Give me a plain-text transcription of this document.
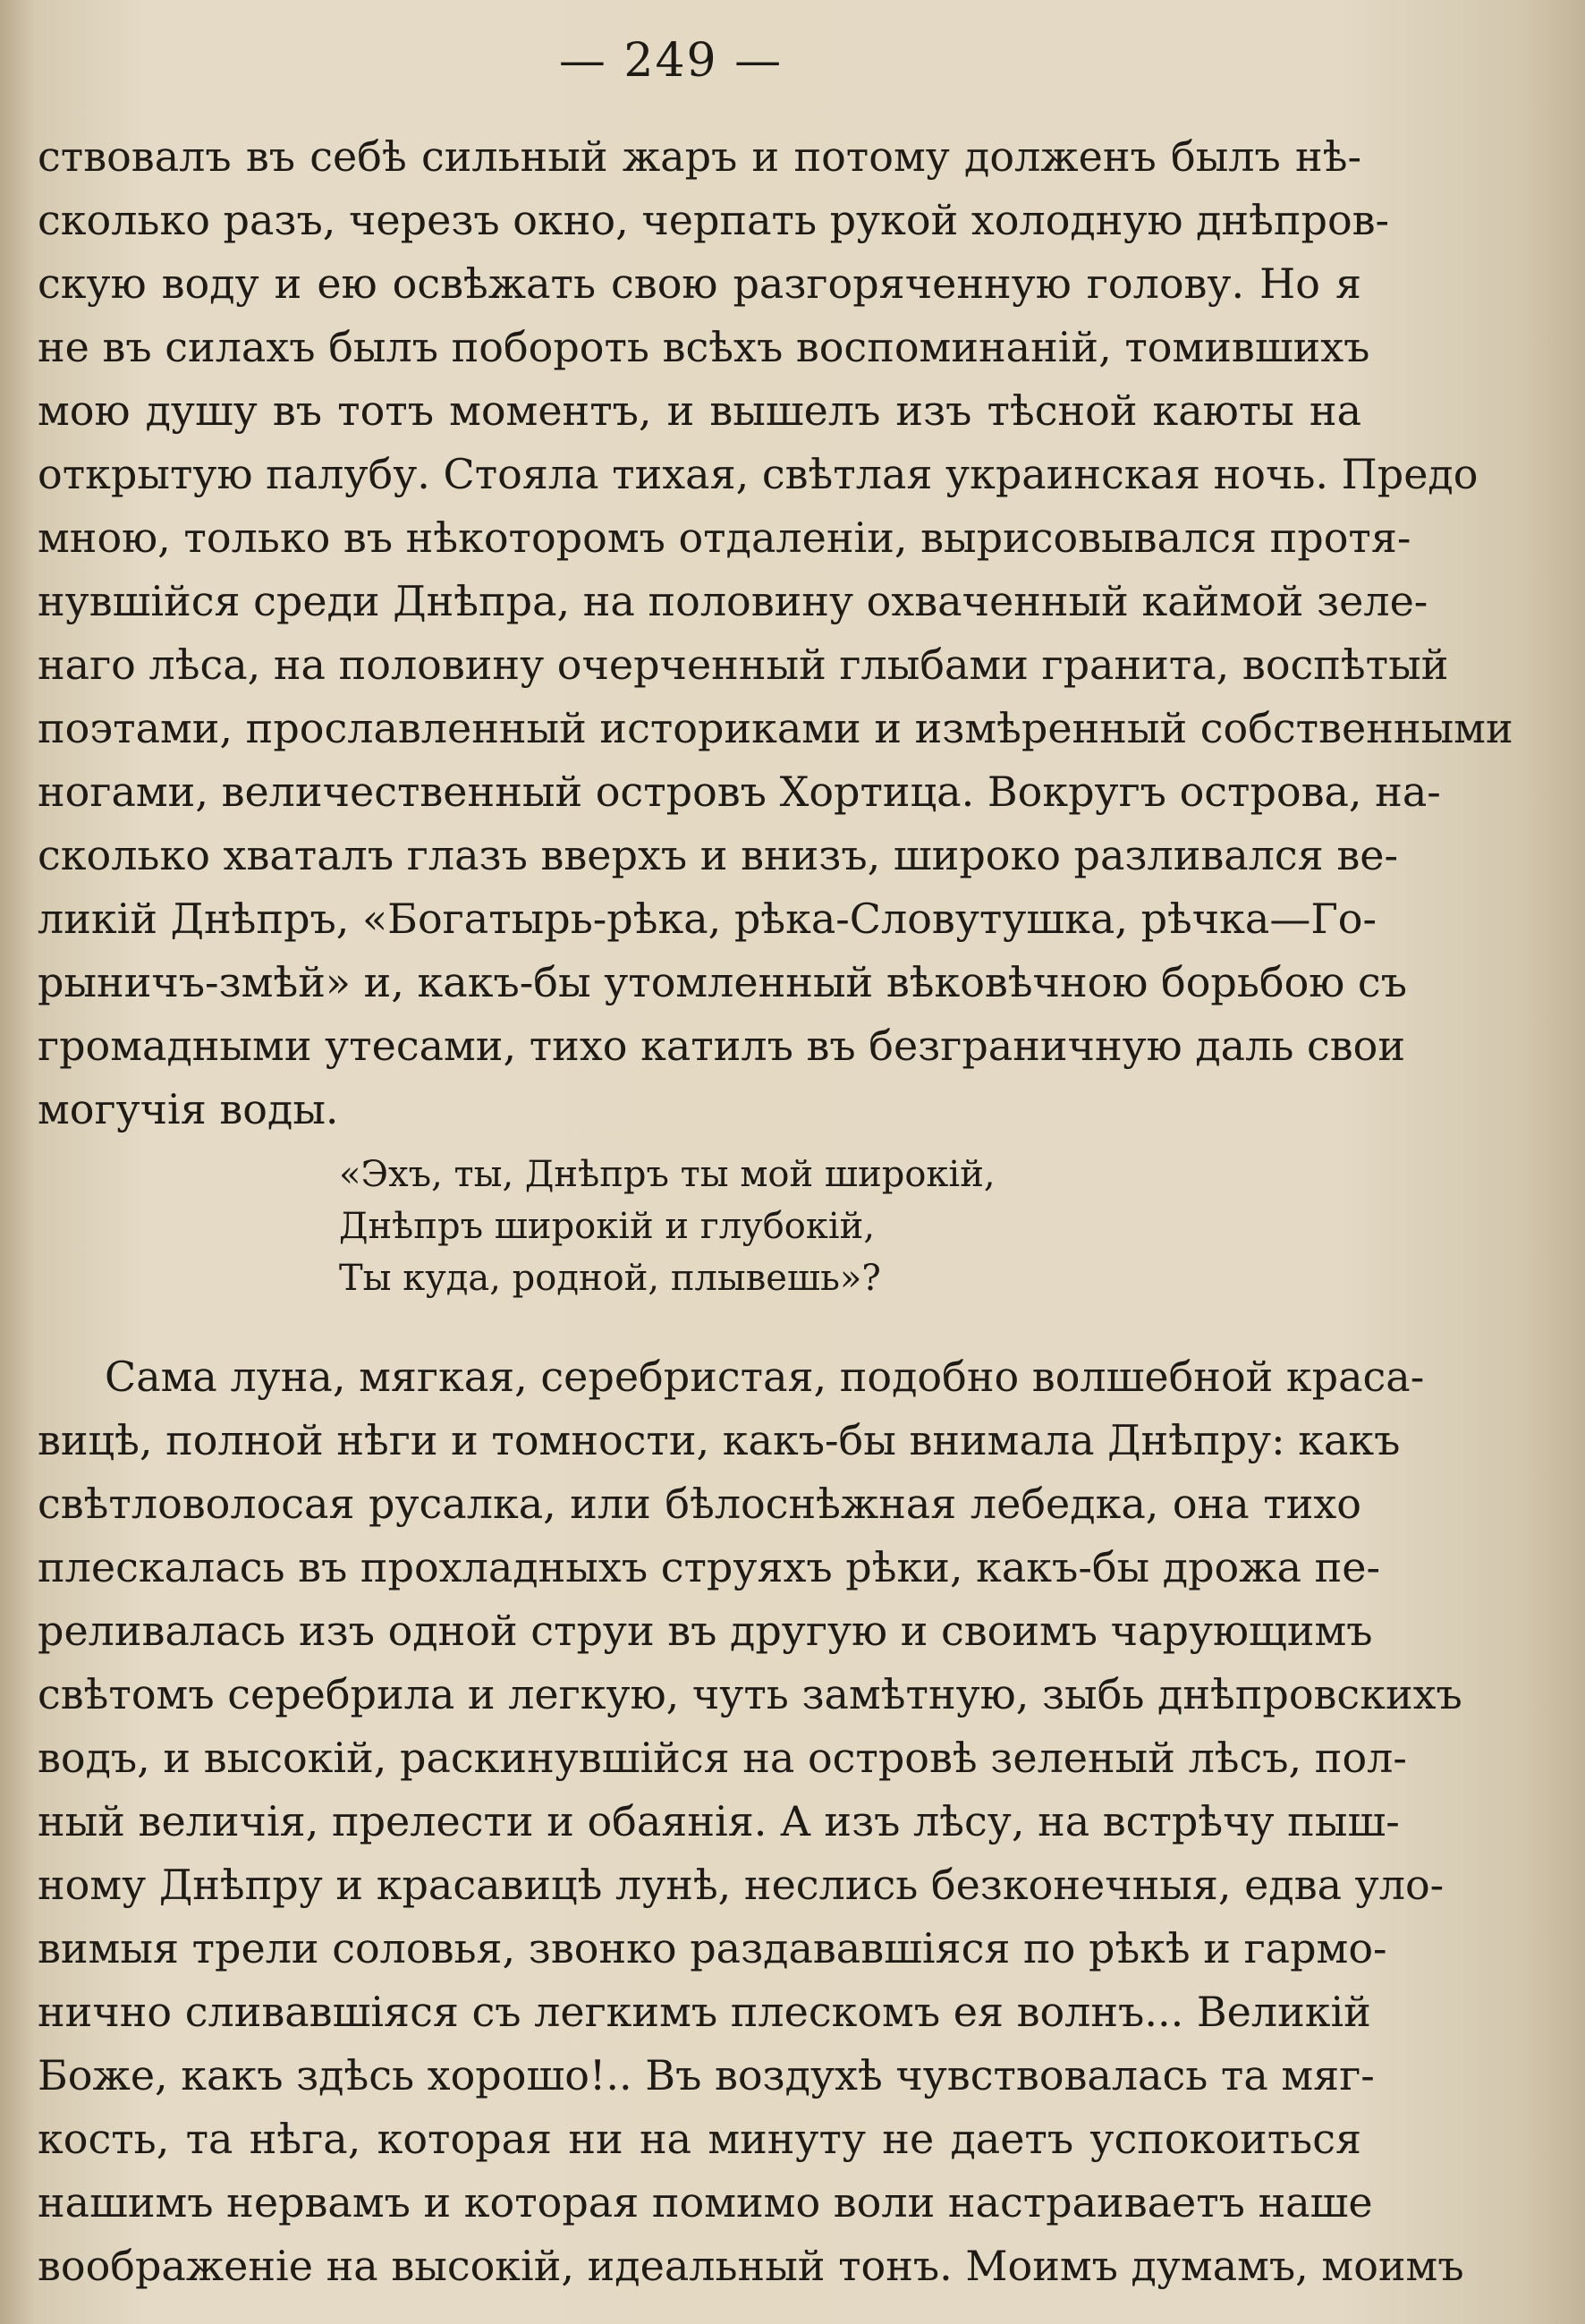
— 249 —
ствовалъ въ себѣ сильный жаръ и потому долженъ былъ нѣ-
сколько разъ, черезъ окно, черпать рукой холодную днѣпров-
скую воду и ею освѣжать свою разгоряченную голову. Но я
не въ силахъ былъ побороть всѣхъ воспоминаній, томившихъ
мою душу въ тотъ моментъ, и вышелъ изъ тѣсной каюты на
открытую палубу. Стояла тихая, свѣтлая украинская ночь. Предо
мною, только въ нѣкоторомъ отдаленіи, вырисовывался протя-
нувшійся среди Днѣпра, на половину охваченный каймой зеле-
наго лѣса, на половину очерченный глыбами гранита, воспѣтый
поэтами, прославленный историками и измѣренный собственными
ногами, величественный островъ Хортица. Вокругъ острова, на-
сколько хваталъ глазъ вверхъ и внизъ, широко разливался ве-
ликій Днѣпръ, «Богатырь-рѣка, рѣка-Словутушка, рѣчка—Го-
рыничъ-змѣй» и, какъ-бы утомленный вѣковѣчною борьбою съ
громадными утесами, тихо катилъ въ безграничную даль свои
могучія воды.
«Эхъ, ты, Днѣпръ ты мой широкій,
Днѣпръ широкій и глубокій,
Ты куда, родной, плывешь»?
Сама луна, мягкая, серебристая, подобно волшебной краса-
вицѣ, полной нѣги и томности, какъ-бы внимала Днѣпру: какъ
свѣтловолосая русалка, или бѣлоснѣжная лебедка, она тихо
плескалась въ прохладныхъ струяхъ рѣки, какъ-бы дрожа пе-
реливалась изъ одной струи въ другую и своимъ чарующимъ
свѣтомъ серебрила и легкую, чуть замѣтную, зыбь днѣпровскихъ
водъ, и высокій, раскинувшійся на островѣ зеленый лѣсъ, пол-
ный величія, прелести и обаянія. А изъ лѣсу, на встрѣчу пыш-
ному Днѣпру и красавицѣ лунѣ, неслись безконечныя, едва уло-
вимыя трели соловья, звонко раздававшіяся по рѣкѣ и гармо-
нично сливавшіяся съ легкимъ плескомъ ея волнъ... Великій
Боже, какъ здѣсь хорошо!.. Въ воздухѣ чувствовалась та мяг-
кость, та нѣга, которая ни на минуту не даетъ успокоиться
нашимъ нервамъ и которая помимо воли настраиваетъ наше
воображеніе на высокій, идеальный тонъ. Моимъ думамъ, моимъ
